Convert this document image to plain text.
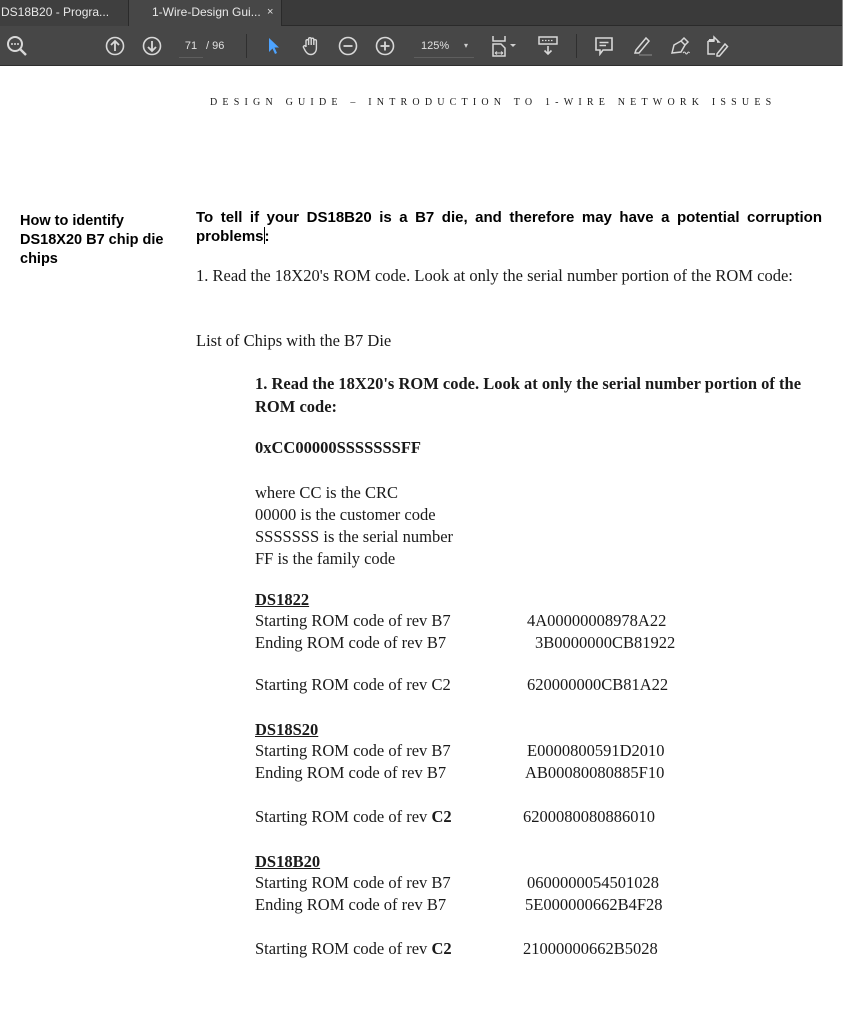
DS18B20 - Progra...	1-Wire-Design Gui... ×
71 / 96	125% ▾
DESIGN GUIDE – INTRODUCTION TO 1-WIRE NETWORK ISSUES
How to identify DS18X20 B7 chip die chips
To tell if your DS18B20 is a B7 die, and therefore may have a potential corruption problems:
1. Read the 18X20's ROM code. Look at only the serial number portion of the ROM code:
List of Chips with the B7 Die
1. Read the 18X20's ROM code. Look at only the serial number portion of the ROM code:
0xCC00000SSSSSSSFF
where CC is the CRC
00000 is the customer code
SSSSSSS is the serial number
FF is the family code
DS1822
Starting ROM code of rev B7	4A00000008978A22
Ending ROM code of rev B7	3B0000000CB81922
Starting ROM code of rev C2	620000000CB81A22
DS18S20
Starting ROM code of rev B7	E0000800591D2010
Ending ROM code of rev B7	AB00080080885F10
Starting ROM code of rev C2	6200080080886010
DS18B20
Starting ROM code of rev B7	0600000054501028
Ending ROM code of rev B7	5E000000662B4F28
Starting ROM code of rev C2	21000000662B5028
